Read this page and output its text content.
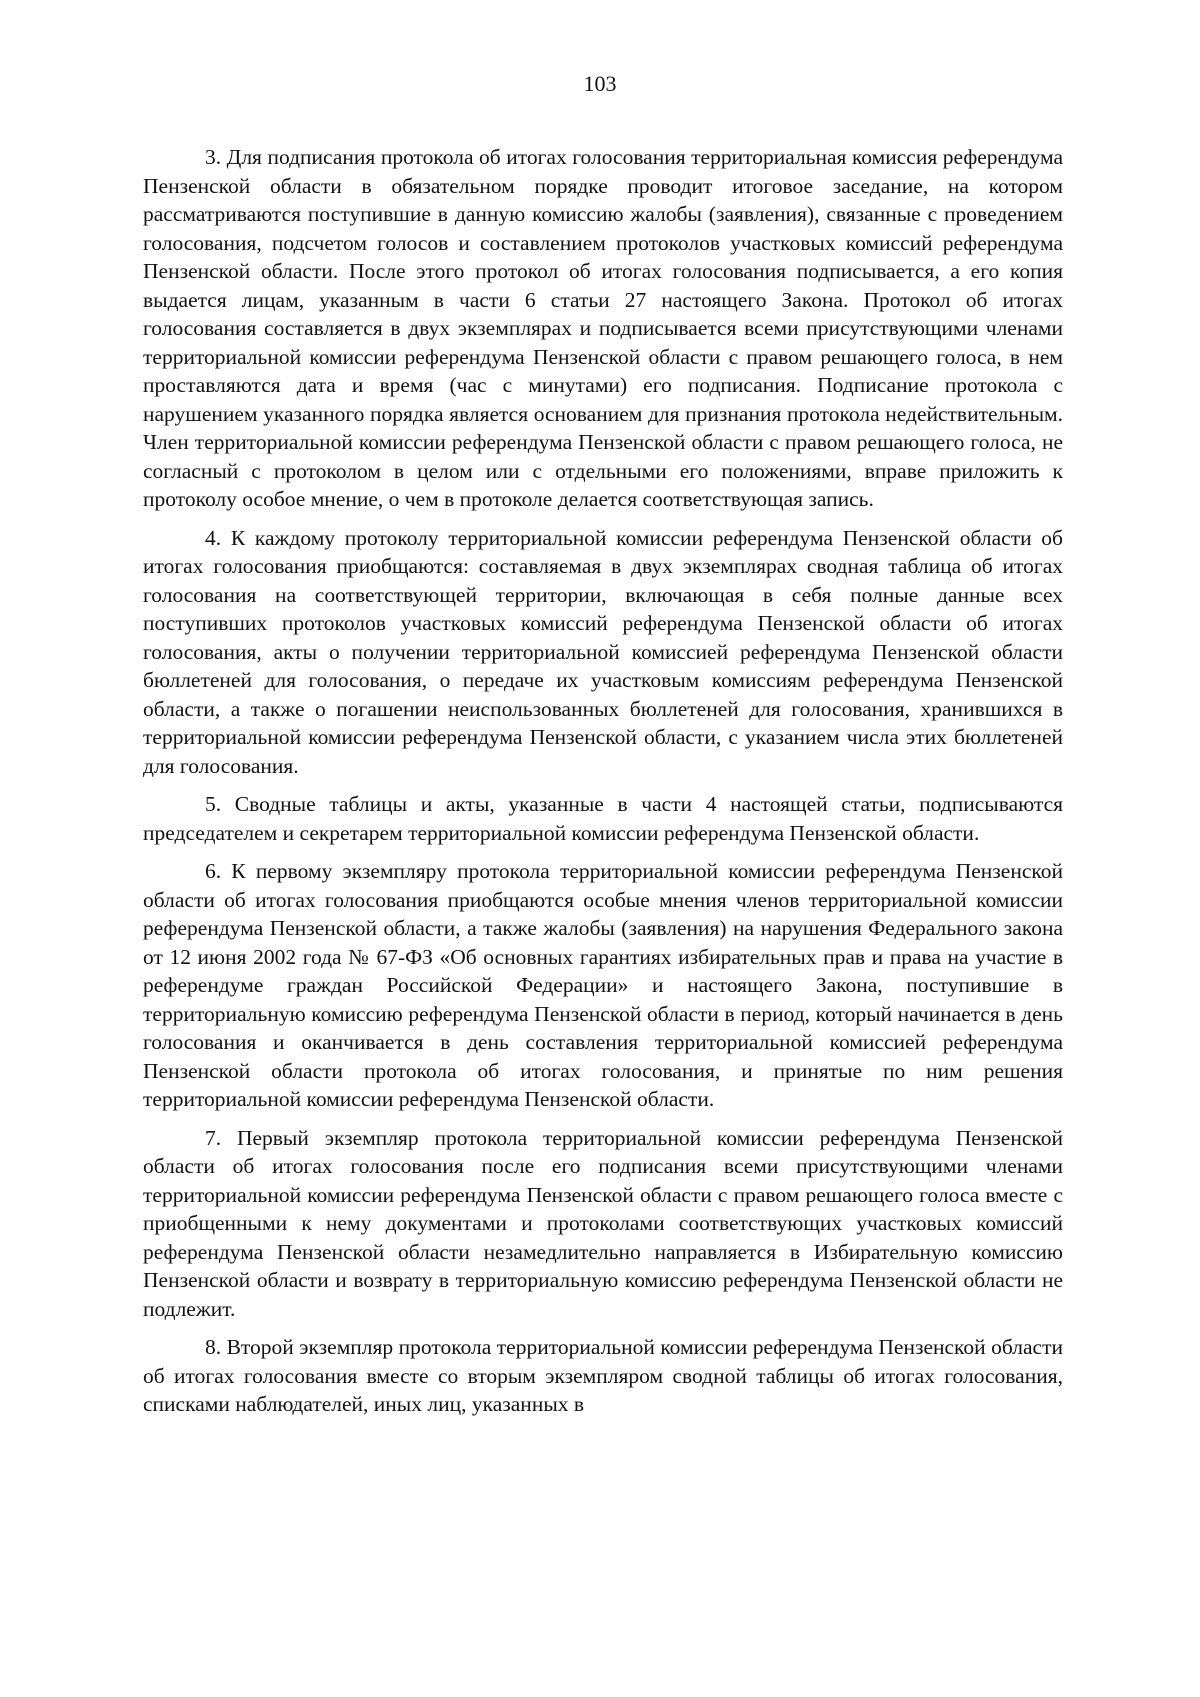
103

3. Для подписания протокола об итогах голосования территориальная комиссия референдума Пензенской области в обязательном порядке проводит итоговое заседание, на котором рассматриваются поступившие в данную комиссию жалобы (заявления), связанные с проведением голосования, подсчетом голосов и составлением протоколов участковых комиссий референдума Пензенской области. После этого протокол об итогах голосования подписывается, а его копия выдается лицам, указанным в части 6 статьи 27 настоящего Закона. Протокол об итогах голосования составляется в двух экземплярах и подписывается всеми присутствующими членами территориальной комиссии референдума Пензенской области с правом решающего голоса, в нем проставляются дата и время (час с минутами) его подписания. Подписание протокола с нарушением указанного порядка является основанием для признания протокола недействительным. Член территориальной комиссии референдума Пензенской области с правом решающего голоса, не согласный с протоколом в целом или с отдельными его положениями, вправе приложить к протоколу особое мнение, о чем в протоколе делается соответствующая запись.

4. К каждому протоколу территориальной комиссии референдума Пензенской области об итогах голосования приобщаются: составляемая в двух экземплярах сводная таблица об итогах голосования на соответствующей территории, включающая в себя полные данные всех поступивших протоколов участковых комиссий референдума Пензенской области об итогах голосования, акты о получении территориальной комиссией референдума Пензенской области бюллетеней для голосования, о передаче их участковым комиссиям референдума Пензенской области, а также о погашении неиспользованных бюллетеней для голосования, хранившихся в территориальной комиссии референдума Пензенской области, с указанием числа этих бюллетеней для голосования.

5. Сводные таблицы и акты, указанные в части 4 настоящей статьи, подписываются председателем и секретарем территориальной комиссии референдума Пензенской области.

6. К первому экземпляру протокола территориальной комиссии референдума Пензенской области об итогах голосования приобщаются особые мнения членов территориальной комиссии референдума Пензенской области, а также жалобы (заявления) на нарушения Федерального закона от 12 июня 2002 года № 67-ФЗ «Об основных гарантиях избирательных прав и права на участие в референдуме граждан Российской Федерации» и настоящего Закона, поступившие в территориальную комиссию референдума Пензенской области в период, который начинается в день голосования и оканчивается в день составления территориальной комиссией референдума Пензенской области протокола об итогах голосования, и принятые по ним решения территориальной комиссии референдума Пензенской области.

7. Первый экземпляр протокола территориальной комиссии референдума Пензенской области об итогах голосования после его подписания всеми присутствующими членами территориальной комиссии референдума Пензенской области с правом решающего голоса вместе с приобщенными к нему документами и протоколами соответствующих участковых комиссий референдума Пензенской области незамедлительно направляется в Избирательную комиссию Пензенской области и возврату в территориальную комиссию референдума Пензенской области не подлежит.

8. Второй экземпляр протокола территориальной комиссии референдума Пензенской области об итогах голосования вместе со вторым экземпляром сводной таблицы об итогах голосования, списками наблюдателей, иных лиц, указанных в
